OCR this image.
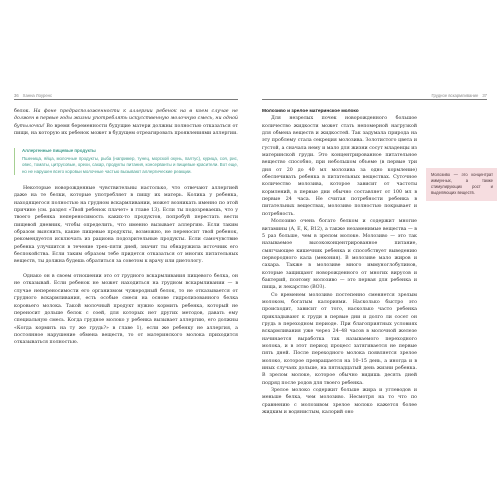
36 Ханна Лоуренс

белок. На фоне предрасположенности к аллергии ребенок на в коем случае не должен в первые годы жизни употреблять искусственную молочную смесь, ни одной бутылочки! Во время беременности будущие матери должны полностью отказаться от пищи, на которую их ребенок может в будущем отреагировать проявлениями аллергии.

Аллергенные пищевые продукты
Пшеница, яйца, молочные продукты, рыба (например, тунец, морской окунь, палтус), курица, соя, рис, овес, томаты, цитрусовые, орехи, сахар, продукты питания, консерванты и пищевые красители. Вот еще, но не нарушен всего коровьи молочные частью вызывают аллергические реакции.

Некоторые новорожденные чувствительны настолько, что отвечают аллергией даже на те белки, которые употребляет в пищу их матерь. Колика у ребенка, находящегося полностью на грудном вскармливании, может возникать именно по этой причине (см. раздел «Твой ребенок плачет» в главе 13). Если ты подозреваешь, что у твоего ребенка непереносимость каких-то продуктов, попробуй перестать вести пищевой дневник, чтобы определить, что именно вызывает аллергию. Если таким образом выяснить, какие пищевые продукты, возможно, не переносит твой ребенок, рекомендуется исключать из рациона подозрительные продукты. Если самочувствие ребенка улучшится в течение трех–пяти дней, значит ты обнаружила источник его беспокойства. Если таким образом тебе придется отказаться от многих питательных веществ, ты должна будешь обратиться за советом к врачу или диетологу.

Однако он в своем отношении это от грудного вскармливания пищевого белка, он не отказывай. Если ребенок не может находиться на грудном вскармливании — в случае непереносимости его организмом чужеродный белок, то не отказывается от грудного вскармливания, есть особые смеси на основе гидролизованного белка коровьего молока. Такой молочный продукт нужно кормить ребенка, который не переносит дольше белок с соей, для которых нет других методов, давать ему специальную смесь. Когда грудное молоко у ребенка вызывает аллергию, его должны «Когда кормить на ту же грудь?» в главе 1), если же ребенку не аллергия, а постоянное нарушение обмена веществ, то от материнского молока приходится отказываться полностью.

Грудное вскармливание 37
Молозиво и зрелое материнское молоко

Для незрелых почек новорожденного большое количество жидкости может стать непомерной нагрузкой для обмена веществ и жидкостей. Так задумала природа на эту проблему стала секреция молозива. Золотистого цвета и густой, а сначала нему и мало для жизни сосут младенцы из материнской груди. Это концентрированное питательное вещество способно, при небольшом объеме (в первые три дня от 20 до 40 мл молозива за одно кормление) обеспечивать ребенка в питательных веществах. Суточное количество молозива, которое зависит от частоты кормлений, в первые дни обычно составляет от 100 мл в первые 24 часа. Не считая потребности ребенка в питательных веществах, молозиво полностью покрывает и потребность.

Молозиво очень богато белком и содержит многие витамины (A, E, К, B12), а также незаменимые вещества — в 5 раз больше, чем в зрелом молоке. Молозиво — это так называемое высококонцентрированное питание, смягчающее кишечник ребенка и способствует выведению первородного кала (мекония). В молозиве мало жиров и сахара. Также в молозиве много иммуноглобулинов, которые защищают новорожденного от многих вирусов и бактерий, поэтому молозиво — это первая для ребенка и пища, и лекарство (ВОЗ).

Со временем молозиво постепенно сменяется зрелым молоком, богатым калориями. Насколько быстро это происходит, зависит от того, насколько часто ребенка прикладывают к груди в первые дни и долго ли сосет он грудь в переходном периоде. При благоприятных условиях вскармливания уже через 24–48 часов в молочной железе начинается выработка так называемого переходного молока, и в этот период процесс затягивается не первые пять дней. После переходного молока появляется зрелое молоко, которое превращается на 10–15 день, а иногда и в иных случаях дольше, на пятнадцатый день жизни ребенка. В зрелом молоке, которое обычно видишь десять дней подряд после родов для твоего ребенка.

Зрелое молоко содержит больше жира и углеводов и меньше белка, чем молозиво. Несмотря на то что по сравнению с молозивом зрелое молоко кажется более жидким и водянистым, калорий оно

Молозиво — это концентрат иммунных, а также стимулирующих рост и выделяющих веществ.
